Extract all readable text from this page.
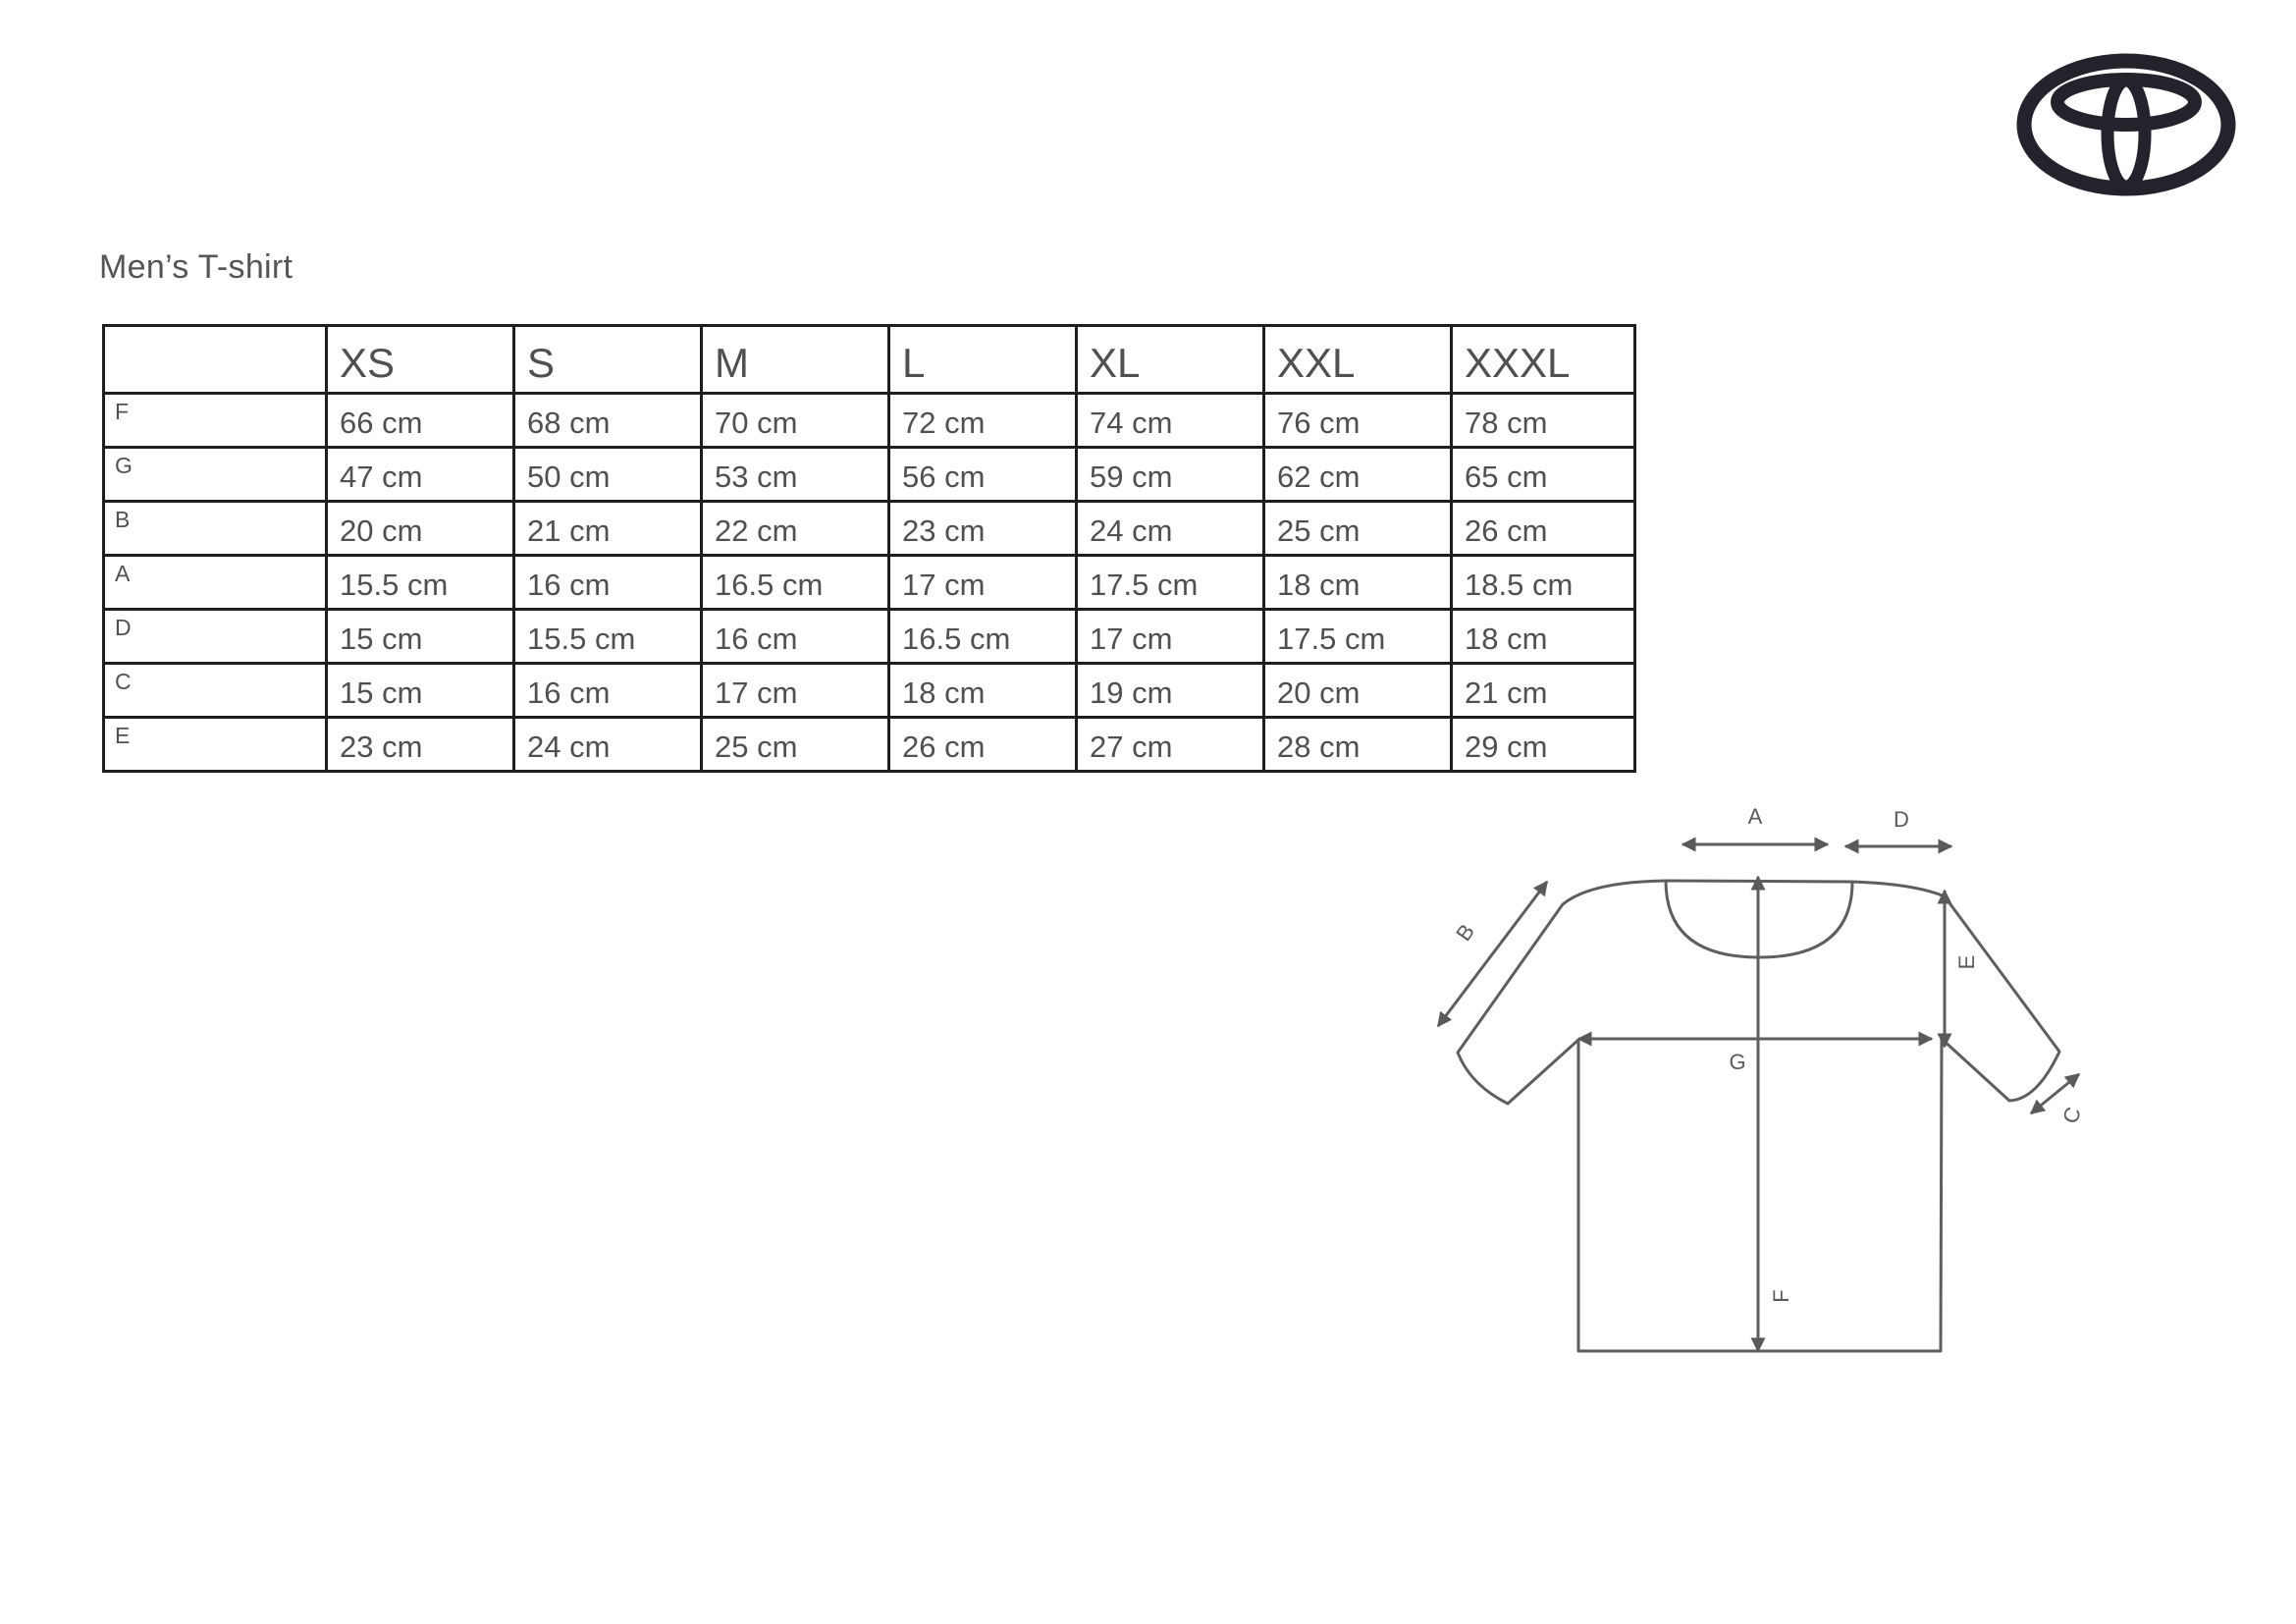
Men’s T-shirt
	XS	S	M	L	XL	XXL	XXXL
F	66 cm	68 cm	70 cm	72 cm	74 cm	76 cm	78 cm
G	47 cm	50 cm	53 cm	56 cm	59 cm	62 cm	65 cm
B	20 cm	21 cm	22 cm	23 cm	24 cm	25 cm	26 cm
A	15.5 cm	16 cm	16.5 cm	17 cm	17.5 cm	18 cm	18.5 cm
D	15 cm	15.5 cm	16 cm	16.5 cm	17 cm	17.5 cm	18 cm
C	15 cm	16 cm	17 cm	18 cm	19 cm	20 cm	21 cm
E	23 cm	24 cm	25 cm	26 cm	27 cm	28 cm	29 cm
A	D
B
E
G
F
C
